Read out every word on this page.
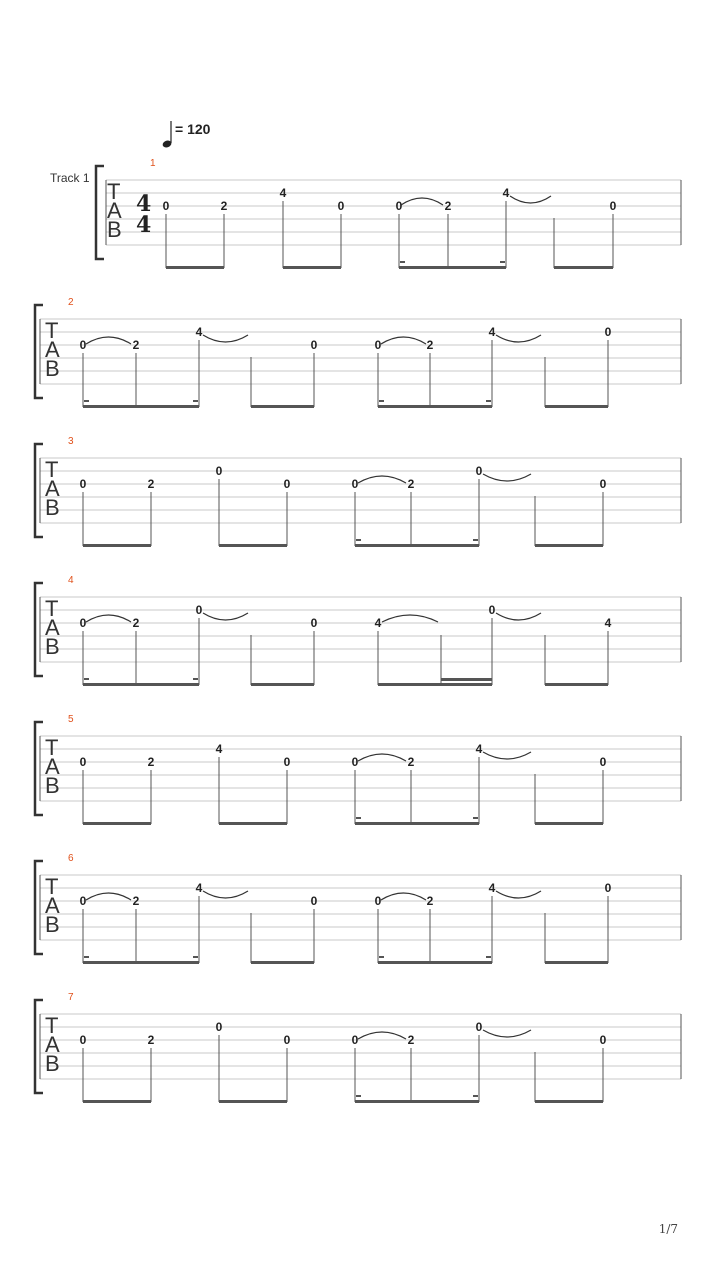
= 120
Track 1
1
T
A
B
4
4
0	2
4
0	0	2
4
0
2
T
A
B
0	2
4
0	0	2
4	0
3
T
A
B
0	2
0
0	0	2
0
0
4
T
A
B
0	2
0
0	4
0
4
5
T
A
B
0	2
4
0	0	2
4
0
6
T
A
B
0	2
4
0	0	2
4	0
7
T
A
B
0	2
0
0	0	2
0
0
1/7
